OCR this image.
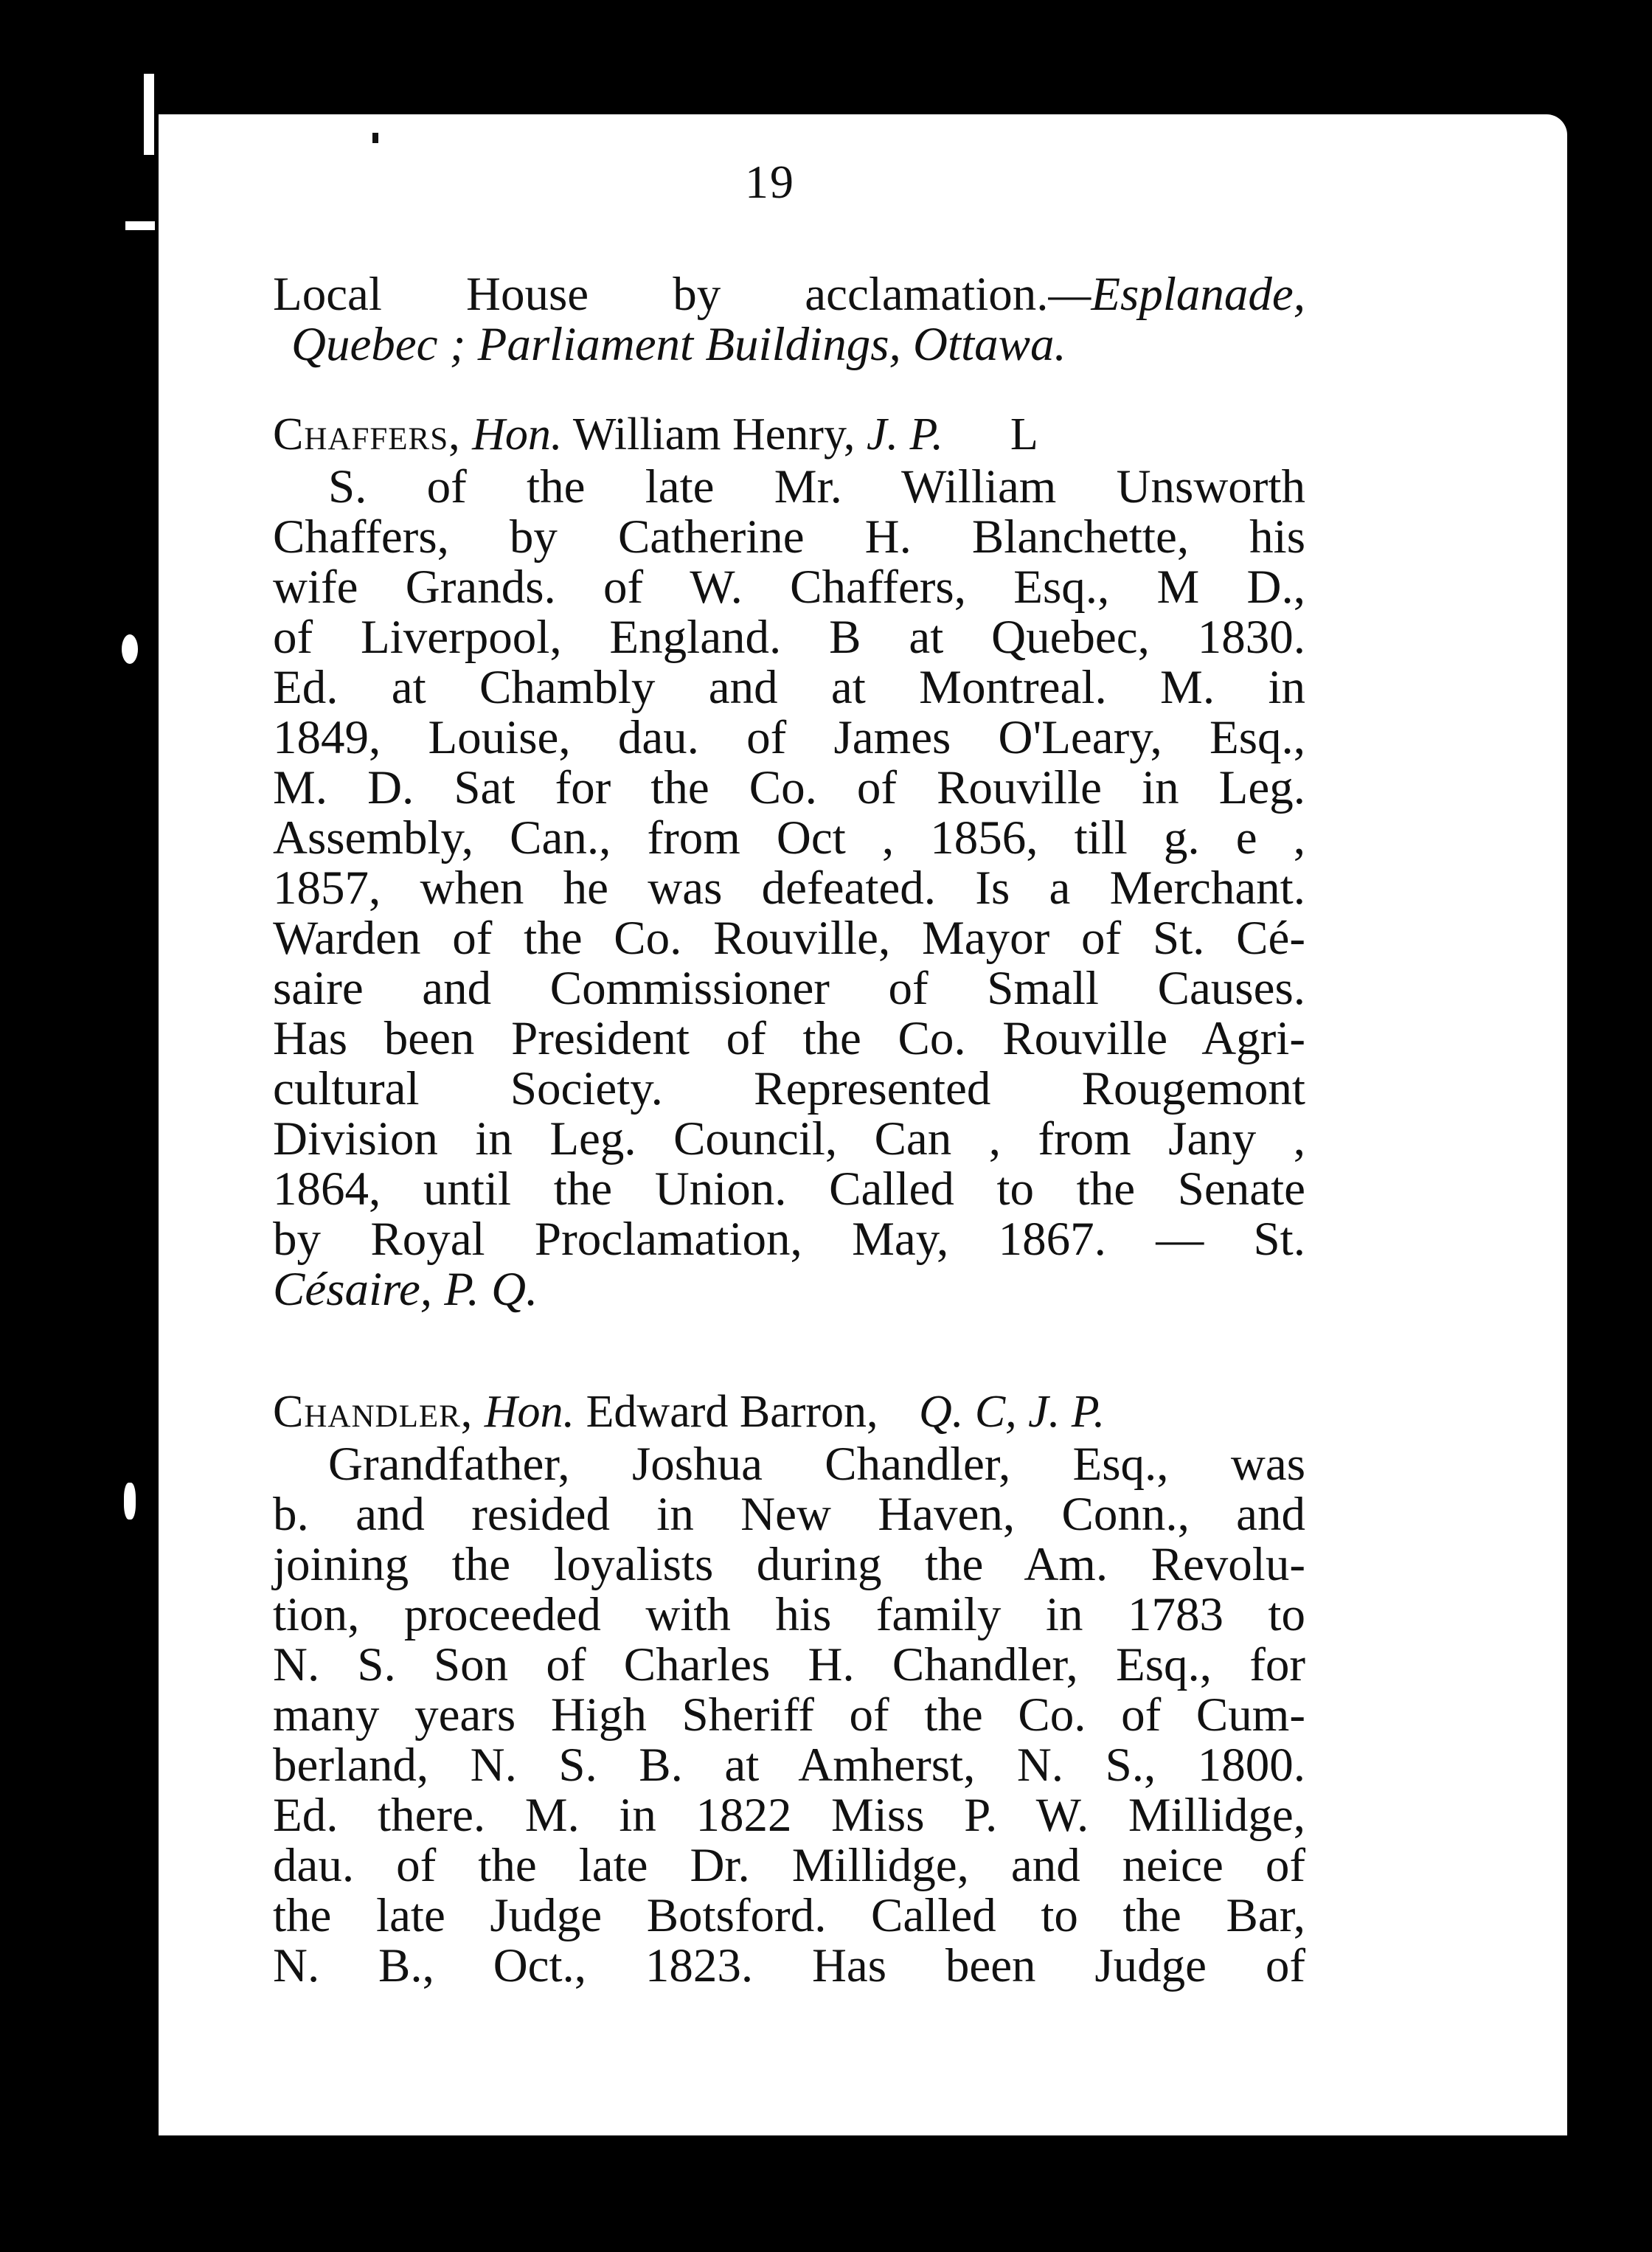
19
Local House by acclamation.—Esplanade,
Quebec ; Parliament Buildings, Ottawa.
Chaffers, Hon. William Henry, J. P. L
S. of the late Mr. William Unsworth
Chaffers, by Catherine H. Blanchette, his
wife Grands. of W. Chaffers, Esq., M D.,
of Liverpool, England. B at Quebec, 1830.
Ed. at Chambly and at Montreal. M. in
1849, Louise, dau. of James O'Leary, Esq.,
M. D. Sat for the Co. of Rouville in Leg.
Assembly, Can., from Oct , 1856, till g. e ,
1857, when he was defeated. Is a Merchant.
Warden of the Co. Rouville, Mayor of St. Cé-
saire and Commissioner of Small Causes.
Has been President of the Co. Rouville Agri-
cultural Society. Represented Rougemont
Division in Leg. Council, Can , from Jany ,
1864, until the Union. Called to the Senate
by Royal Proclamation, May, 1867. — St.
Césaire, P. Q.
Chandler, Hon. Edward Barron, Q. C, J. P.
Grandfather, Joshua Chandler, Esq., was
b. and resided in New Haven, Conn., and
joining the loyalists during the Am. Revolu-
tion, proceeded with his family in 1783 to
N. S. Son of Charles H. Chandler, Esq., for
many years High Sheriff of the Co. of Cum-
berland, N. S. B. at Amherst, N. S., 1800.
Ed. there. M. in 1822 Miss P. W. Millidge,
dau. of the late Dr. Millidge, and neice of
the late Judge Botsford. Called to the Bar,
N. B., Oct., 1823. Has been Judge of
